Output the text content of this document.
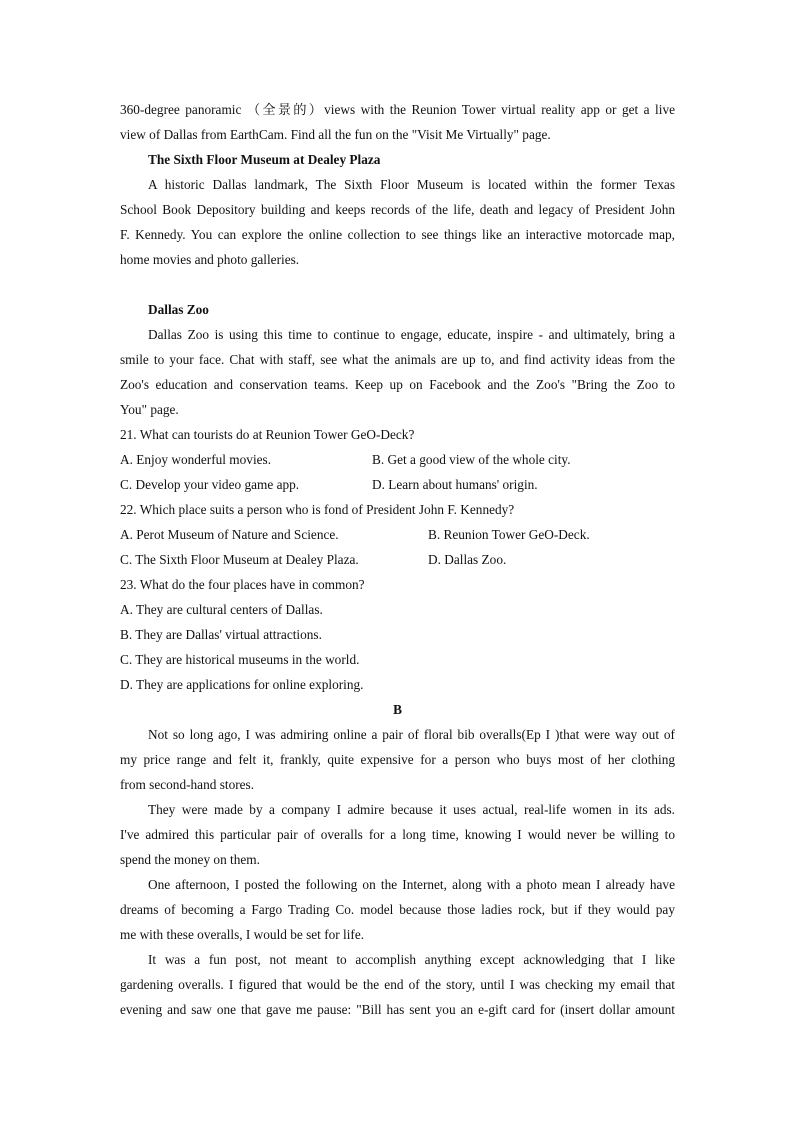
360-degree panoramic （全景的）views with the Reunion Tower virtual reality app or get a live
view of Dallas from EarthCam. Find all the fun on the "Visit Me Virtually" page.
The Sixth Floor Museum at Dealey Plaza
A historic Dallas landmark, The Sixth Floor Museum is located within the former Texas
School Book Depository building and keeps records of the life, death and legacy of President John
F. Kennedy. You can explore the online collection to see things like an interactive motorcade map,
home movies and photo galleries.
Dallas Zoo
Dallas Zoo is using this time to continue to engage, educate, inspire - and ultimately, bring a
smile to your face. Chat with staff, see what the animals are up to, and find activity ideas from the
Zoo's education and conservation teams. Keep up on Facebook and the Zoo's "Bring the Zoo to
You" page.
21. What can tourists do at Reunion Tower GeO-Deck?
A. Enjoy wonderful movies.	B. Get a good view of the whole city.
C. Develop your video game app.	D. Learn about humans' origin.
22. Which place suits a person who is fond of President John F. Kennedy?
A. Perot Museum of Nature and Science.	B. Reunion Tower GeO-Deck.
C. The Sixth Floor Museum at Dealey Plaza.	D. Dallas Zoo.
23. What do the four places have in common?
A. They are cultural centers of Dallas.
B. They are Dallas' virtual attractions.
C. They are historical museums in the world.
D. They are applications for online exploring.
B
Not so long ago, I was admiring online a pair of floral bib overalls(Ep I )that were way out of
my price range and felt it, frankly, quite expensive for a person who buys most of her clothing
from second-hand stores.
They were made by a company I admire because it uses actual, real-life women in its ads.
I've admired this particular pair of overalls for a long time, knowing I would never be willing to
spend the money on them.
One afternoon, I posted the following on the Internet, along with a photo mean I already have
dreams of becoming a Fargo Trading Co. model because those ladies rock, but if they would pay
me with these overalls, I would be set for life.
It was a fun post, not meant to accomplish anything except acknowledging that I like
gardening overalls. I figured that would be the end of the story, until I was checking my email that
evening and saw one that gave me pause: "Bill has sent you an e-gift card for (insert dollar amount
